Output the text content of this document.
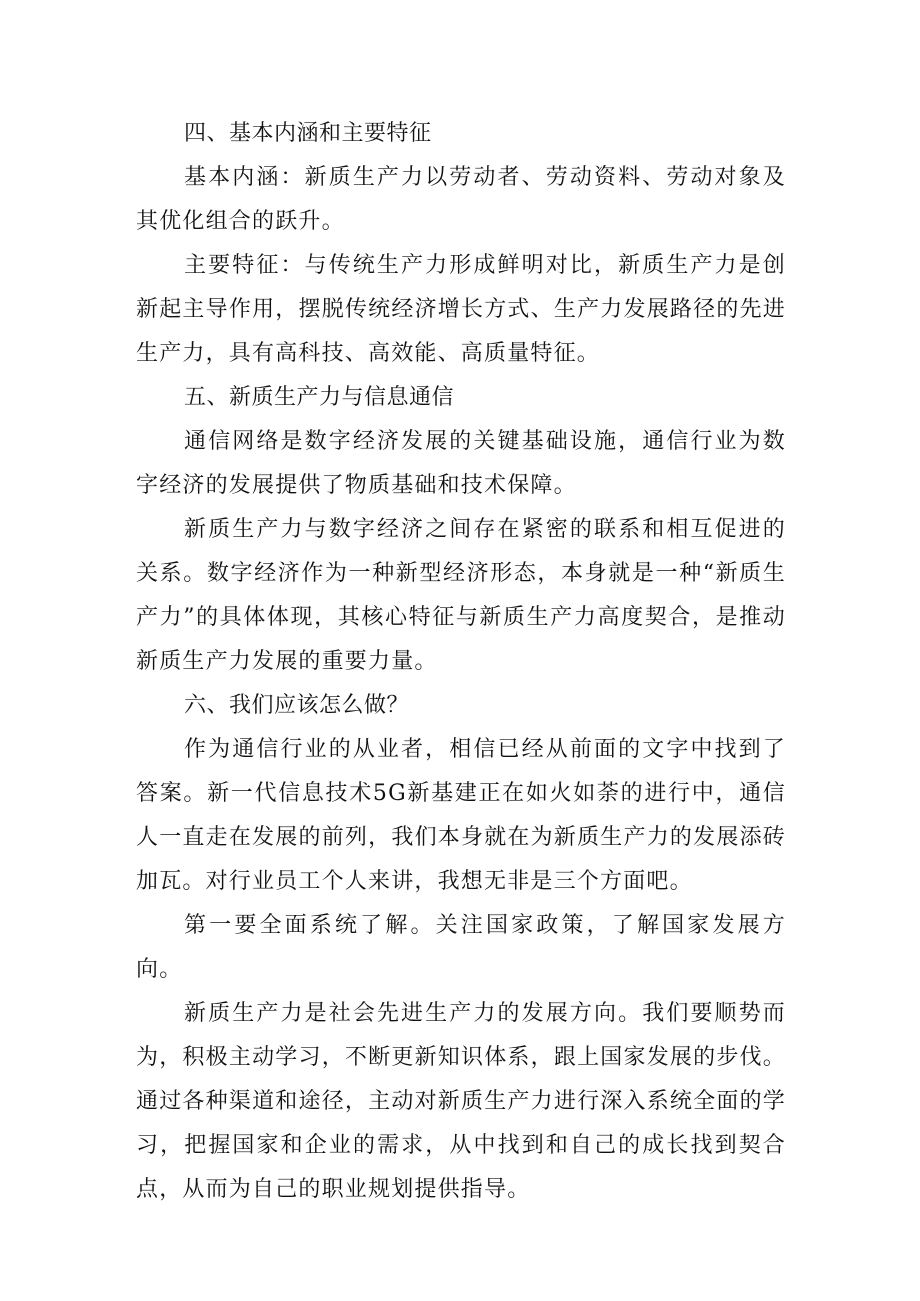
四、基本内涵和主要特征

基本内涵：新质生产力以劳动者、劳动资料、劳动对象及其优化组合的跃升。

主要特征：与传统生产力形成鲜明对比，新质生产力是创新起主导作用，摆脱传统经济增长方式、生产力发展路径的先进生产力，具有高科技、高效能、高质量特征。

五、新质生产力与信息通信

通信网络是数字经济发展的关键基础设施，通信行业为数字经济的发展提供了物质基础和技术保障。

新质生产力与数字经济之间存在紧密的联系和相互促进的关系。数字经济作为一种新型经济形态，本身就是一种“新质生产力”的具体体现，其核心特征与新质生产力高度契合，是推动新质生产力发展的重要力量。

六、我们应该怎么做？

作为通信行业的从业者，相信已经从前面的文字中找到了答案。新一代信息技术5G新基建正在如火如荼的进行中，通信人一直走在发展的前列，我们本身就在为新质生产力的发展添砖加瓦。对行业员工个人来讲，我想无非是三个方面吧。

第一要全面系统了解。关注国家政策，了解国家发展方向。

新质生产力是社会先进生产力的发展方向。我们要顺势而为，积极主动学习，不断更新知识体系，跟上国家发展的步伐。通过各种渠道和途径，主动对新质生产力进行深入系统全面的学习，把握国家和企业的需求，从中找到和自己的成长找到契合点，从而为自己的职业规划提供指导。
